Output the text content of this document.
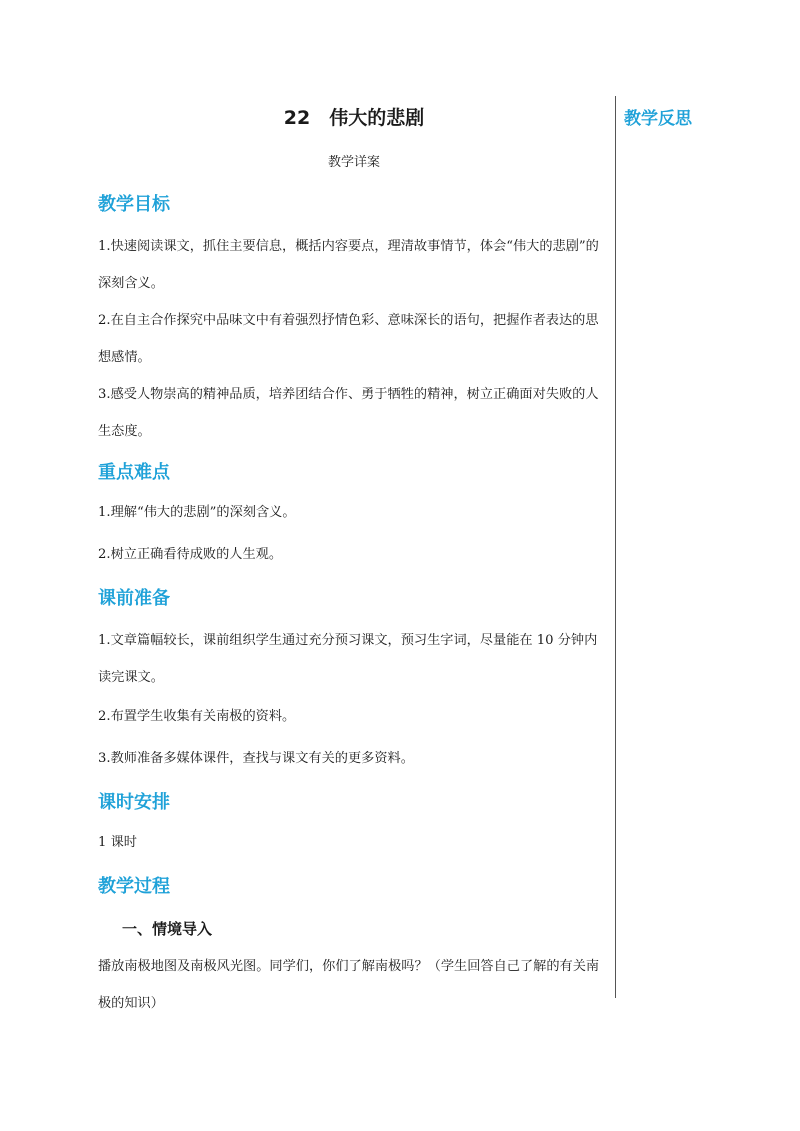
教学反思
22　伟大的悲剧
教学详案
教学目标

1.快速阅读课文，抓住主要信息，概括内容要点，理清故事情节，体会“伟大的悲剧”的深刻含义。

2.在自主合作探究中品味文中有着强烈抒情色彩、意味深长的语句，把握作者表达的思想感情。

3.感受人物崇高的精神品质，培养团结合作、勇于牺牲的精神，树立正确面对失败的人生态度。

重点难点

1.理解“伟大的悲剧”的深刻含义。

2.树立正确看待成败的人生观。

课前准备

1.文章篇幅较长，课前组织学生通过充分预习课文，预习生字词，尽量能在 10 分钟内读完课文。

2.布置学生收集有关南极的资料。

3.教师准备多媒体课件，查找与课文有关的更多资料。

课时安排

1 课时

教学过程
一、情境导入

播放南极地图及南极风光图。同学们，你们了解南极吗？（学生回答自己了解的有关南极的知识）
